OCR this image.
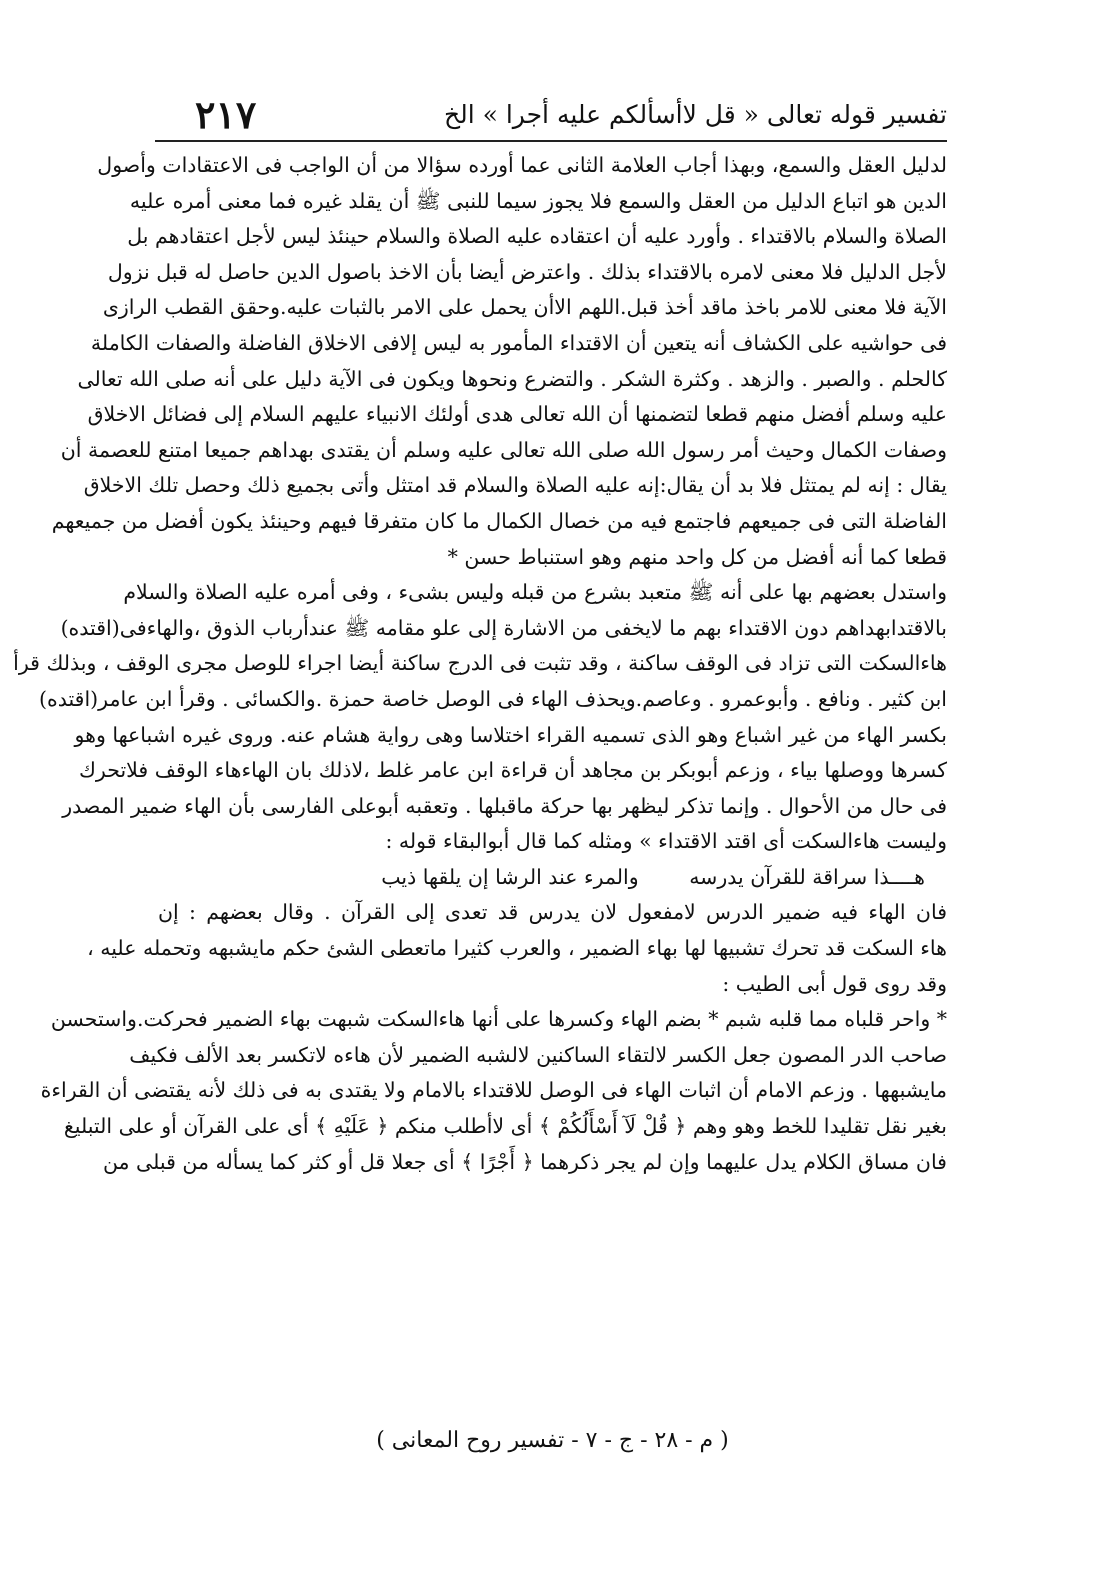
تفسير قوله تعالى « قل لاأسألكم عليه أجرا » الخ
٢١٧
لدليل العقل والسمع، وبهذا أجاب العلامة الثانى عما أورده سؤالا من أن الواجب فى الاعتقادات وأصول
الدين هو اتباع الدليل من العقل والسمع فلا يجوز سيما للنبى ﷺ أن يقلد غيره فما معنى أمره عليه
الصلاة والسلام بالاقتداء . وأورد عليه أن اعتقاده عليه الصلاة والسلام حينئذ ليس لأجل اعتقادهم بل
لأجل الدليل فلا معنى لامره بالاقتداء بذلك . واعترض أيضا بأن الاخذ باصول الدين حاصل له قبل نزول
الآية فلا معنى للامر باخذ ماقد أخذ قبل.اللهم الاأن يحمل على الامر بالثبات عليه.وحقق القطب الرازى
فى حواشيه على الكشاف أنه يتعين أن الاقتداء المأمور به ليس إلافى الاخلاق الفاضلة والصفات الكاملة
كالحلم . والصبر . والزهد . وكثرة الشكر . والتضرع ونحوها ويكون فى الآية دليل على أنه صلى الله تعالى
عليه وسلم أفضل منهم قطعا لتضمنها أن الله تعالى هدى أولئك الانبياء عليهم السلام إلى فضائل الاخلاق
وصفات الكمال وحيث أمر رسول الله صلى الله تعالى عليه وسلم أن يقتدى بهداهم جميعا امتنع للعصمة أن
يقال : إنه لم يمتثل فلا بد أن يقال:إنه عليه الصلاة والسلام قد امتثل وأتى بجميع ذلك وحصل تلك الاخلاق
الفاضلة التى فى جميعهم فاجتمع فيه من خصال الكمال ما كان متفرقا فيهم وحينئذ يكون أفضل من جميعهم
قطعا كما أنه أفضل من كل واحد منهم وهو استنباط حسن *
واستدل بعضهم بها على أنه ﷺ متعبد بشرع من قبله وليس بشىء ، وفى أمره عليه الصلاة والسلام
بالاقتدابهداهم دون الاقتداء بهم ما لايخفى من الاشارة إلى علو مقامه ﷺ عندأرباب الذوق ،والهاءفى(اقتده)
هاءالسكت التى تزاد فى الوقف ساكنة ، وقد تثبت فى الدرج ساكنة أيضا اجراء للوصل مجرى الوقف ، وبذلك قرأ
ابن كثير . ونافع . وأبوعمرو . وعاصم.ويحذف الهاء فى الوصل خاصة حمزة .والكسائى . وقرأ ابن عامر(اقتده)
بكسر الهاء من غير اشباع وهو الذى تسميه القراء اختلاسا وهى رواية هشام عنه. وروى غيره اشباعها وهو
كسرها ووصلها بياء ، وزعم أبوبكر بن مجاهد أن قراءة ابن عامر غلط ،لاذلك بان الهاءهاء الوقف فلاتحرك
فى حال من الأحوال . وإنما تذكر ليظهر بها حركة ماقبلها . وتعقبه أبوعلى الفارسى بأن الهاء ضمير المصدر
وليست هاءالسكت أى اقتد الاقتداء » ومثله كما قال أبوالبقاء قوله :
هــــذا سراقة للقرآن يدرسه والمرء عند الرشا إن يلقها ذيب
فان الهاء فيه ضمير الدرس لامفعول لان يدرس قد تعدى إلى القرآن . وقال بعضهم : إن
هاء السكت قد تحرك تشبيها لها بهاء الضمير ، والعرب كثيرا ماتعطى الشئ حكم مايشبهه وتحمله عليه ،
وقد روى قول أبى الطيب :
* واحر قلباه مما قلبه شبم * بضم الهاء وكسرها على أنها هاءالسكت شبهت بهاء الضمير فحركت.واستحسن
صاحب الدر المصون جعل الكسر لالتقاء الساكنين لالشبه الضمير لأن هاءه لاتكسر بعد الألف فكيف
مايشبهها . وزعم الامام أن اثبات الهاء فى الوصل للاقتداء بالامام ولا يقتدى به فى ذلك لأنه يقتضى أن القراءة
بغير نقل تقليدا للخط وهو وهم ﴿ قُلْ لَآ أَسْأَلُكُمْ ﴾ أى لاأطلب منكم ﴿ عَلَيْهِ ﴾ أى على القرآن أو على التبليغ
فان مساق الكلام يدل عليهما وإن لم يجر ذكرهما ﴿ أَجْرًا ﴾ أى جعلا قل أو كثر كما يسأله من قبلى من
( م - ٢٨ - ج - ٧ - تفسير روح المعانى )
